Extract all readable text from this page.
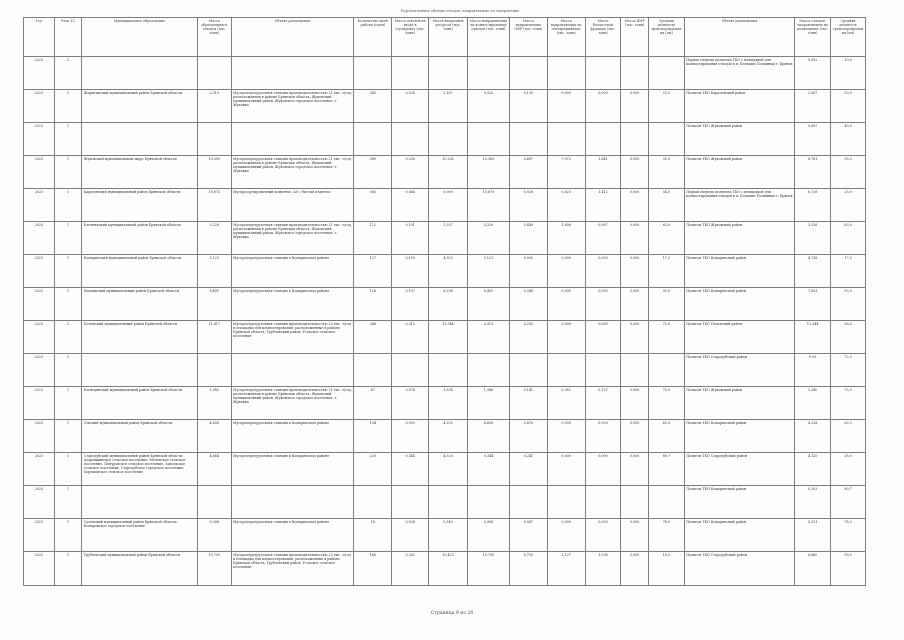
Перспективные объемы отходов, направляемые на захоронение
Год	Этап ТС	Муниципальное образование	Масса образующихся отходов (тыс. тонн)	Объект размещения	Количество дней работы (смен)	Масса отходов на входе в сортировку (тыс. тонн)	Масса вторичных ресурсов (тыс. тонн)	Масса направляемых на компостирование отходов (тыс. тонн)	Масса направляемых ОФР (тыс. тонн)	Масса направляемых на обезвреживание (тыс. тонн)	Масса балластной фракции (тыс. тонн)	Масса ВМР (тыс. тонн)	Средняя дальность транспортирования (км)	Объект размещения	Масса отходов, направляемых на размещение (тыс. тонн)	Средняя дальность транспортирования (км)
2023	1													Первая очередь полигона ТКО с площадкой для компостирования отходов в п. Большие Полпинцы г. Брянск	0,392	10,0
2023	1	Жирятинский муниципальный район Брянской области	2,315	Мусороперегрузочная станция производительностью 21 тыс. т/год, расположенная в районе Брянская область, Жуковский муниципальный район, Жуковское городское поселение, г. Жуковка	340	0,338	2,167	0,320	0,130	0,000	0,000	0,000	53,0	Полигон ТКО Карачевский район	2,067	53,0
2023	1													Полигон ТКО Жуковский район	0,087	40,0
2023	1	Жуковский муниципальный округ Брянской области	10,359	Мусороперегрузочная станция производительностью 21 тыс. т/год, расположенная в районе Брянская область, Жуковский муниципальный район, Жуковское городское поселение, г. Жуковка	360	9,250	10,255	10,389	0,687	7,072	1,641	0,000	35,0	Полигон ТКО Жуковский район	6,781	35,0
2023	1	Карачевский муниципальный район Брянской области	10,673	Мусоросортировочный комплекс, АО «Чистая планета»	365	0,044	0,069	10,673	0,926	5,623	1,412	0,000	54,0	Первая очередь полигона ТКО с площадкой для компостирования отходов в п. Большие Полпинцы г. Брянск	6,726	25,0
2023	1	Клетнянский муниципальный район Брянской области	3,328	Мусороперегрузочная станция производительностью 21 тыс. т/год, расположенная в районе Брянская область, Жуковский муниципальный район, Жуковское городское поселение, г. Жуковка	122	0,191	1,337	3,328	0,449	1,808	0,907	0,000	63,0	Полигон ТКО Жуковский район	3,326	63,0
2023	1	Комаричский муниципальный район Брянской области	5,123	Мусороперегрузочная станция в Комаричском районе	127	0,159	4,923	5,123	0,000	0,000	0,000	0,000	17,0	Полигон ТКО Комаричский район	4,738	17,0
2023	1	Навлинский муниципальный район Брянской области	8,401	Мусороперегрузочная станция в Комаричском районе	126	0,197	8,296	8,401	0,348	0,000	0,000	0,000	93,0	Полигон ТКО Комаричский район	7,853	93,0
2023	1	Почепский муниципальный район Брянской области	11,817	Мусороперегрузочная станция производительностью 23 тыс. т/год и площадка для компостирования, расположенные в районе Брянская область, Трубчевский район, Усохское сельское поселение	246	0,313	11,544	0,313	0,255	0,000	0,000	0,000	72,0	Полигон ТКО Почепский район	11,344	36,0
2023	1													Полигон ТКО Стародубский район	0,09	72,0
2023	1	Рогнединский муниципальный район Брянской области	1,945	Мусороперегрузочная станция производительностью 21 тыс. т/год, расположенная в районе Брянская область, Жуковский муниципальный район, Жуковское городское поселение, г. Жуковка	47	0,074	1,874	1,946	0,141	0,362	0,137	0,000	75,0	Полигон ТКО Жуковский район	1,240	75,0
2023	1	Севский муниципальный район Брянской области	4,658	Мусороперегрузочная станция в Комаричском районе	194	0,303	4,355	4,658	0,470	0,000	0,000	0,000	63,0	Полигон ТКО Комаричский район	4,228	63,0
2023	1	Стародубский муниципальный район Брянской области: Азаровщинское сельское поселение, Меленское сельское поселение, Понуровское сельское поселение, Запольское сельское поселение, Стародубское городское поселение, Хорошовское сельское поселение	4,664	Мусороперегрузочная станция в Комаричском районе	220	0,344	4,320	0,344	0,241	0,000	0,000	0,000	80,7	Полигон ТКО Стародубский район	4,120	18,0
2023	1													Полигон ТКО Комаричский район	0,103	80,7
2023	1	Суземский муниципальный район Брянской области: Комаровское городское поселение	0,368	Мусороперегрузочная станция в Комаричском районе	18	0,028	0,340	0,368	0,047	0,000	0,000	0,000	78,0	Полигон ТКО Комаричский район	0,321	78,0
2023	1	Трубчевский муниципальный район Брянской области	10,705	Мусороперегрузочная станция производительностью 23 тыс. т/год и площадка для компостирования, расположенные в районе Брянская область, Трубчевский район, Усохское сельское поселение	160	0,282	10,423	10,705	0,735	3,127	1,036	0,000	18,0	Полигон ТКО Стародубский район	6,860	39,0
Страница 9 из 26
